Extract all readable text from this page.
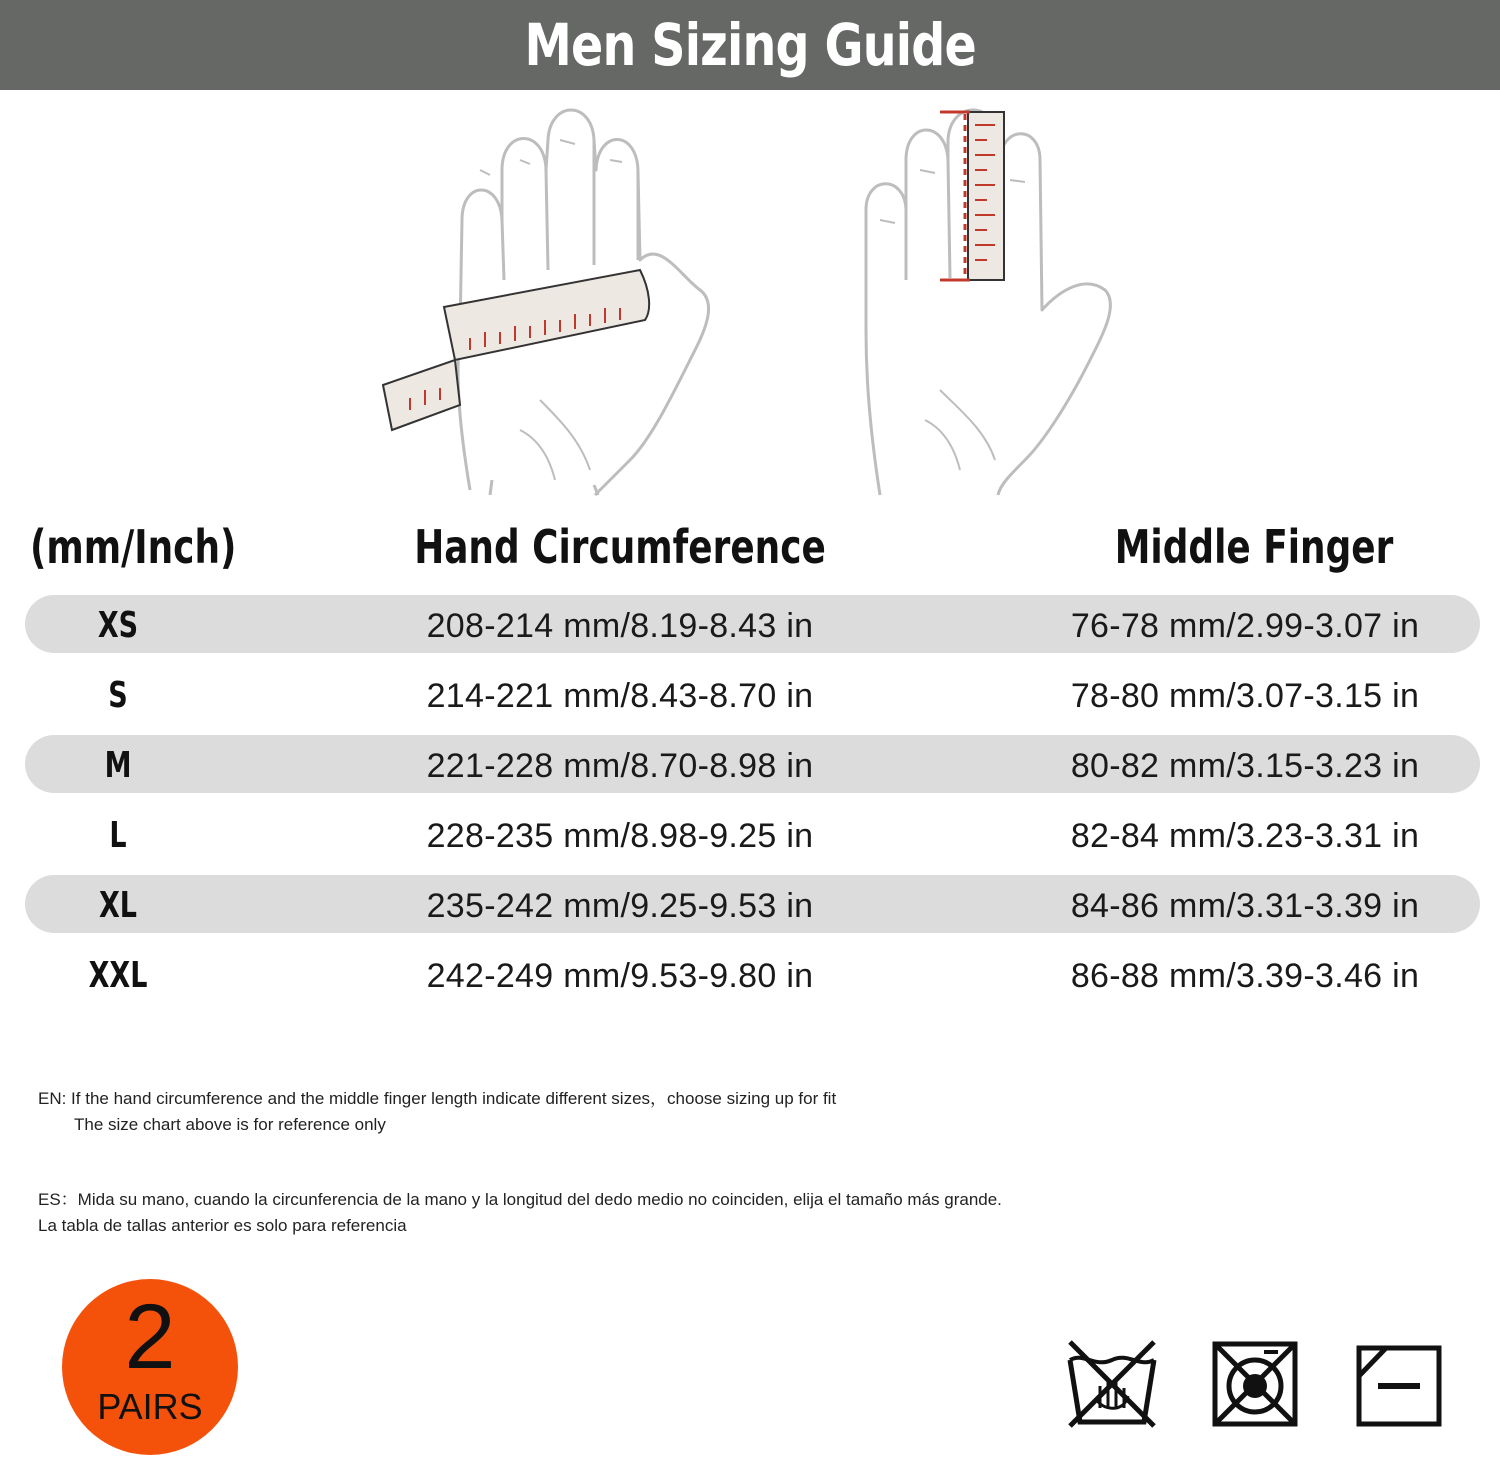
Men Sizing Guide
(mm/Inch)	Hand Circumference	Middle Finger
XS	208-214 mm/8.19-8.43 in	76-78 mm/2.99-3.07 in
S	214-221 mm/8.43-8.70 in	78-80 mm/3.07-3.15 in
M	221-228 mm/8.70-8.98 in	80-82 mm/3.15-3.23 in
L	228-235 mm/8.98-9.25 in	82-84 mm/3.23-3.31 in
XL	235-242 mm/9.25-9.53 in	84-86 mm/3.31-3.39 in
XXL	242-249 mm/9.53-9.80 in	86-88 mm/3.39-3.46 in
EN: If the hand circumference and the middle finger length indicate different sizes，choose sizing up for fit
The size chart above is for reference only
ES：Mida su mano, cuando la circunferencia de la mano y la longitud del dedo medio no coinciden, elija el tamaño más grande.
La tabla de tallas anterior es solo para referencia
2
PAIRS
